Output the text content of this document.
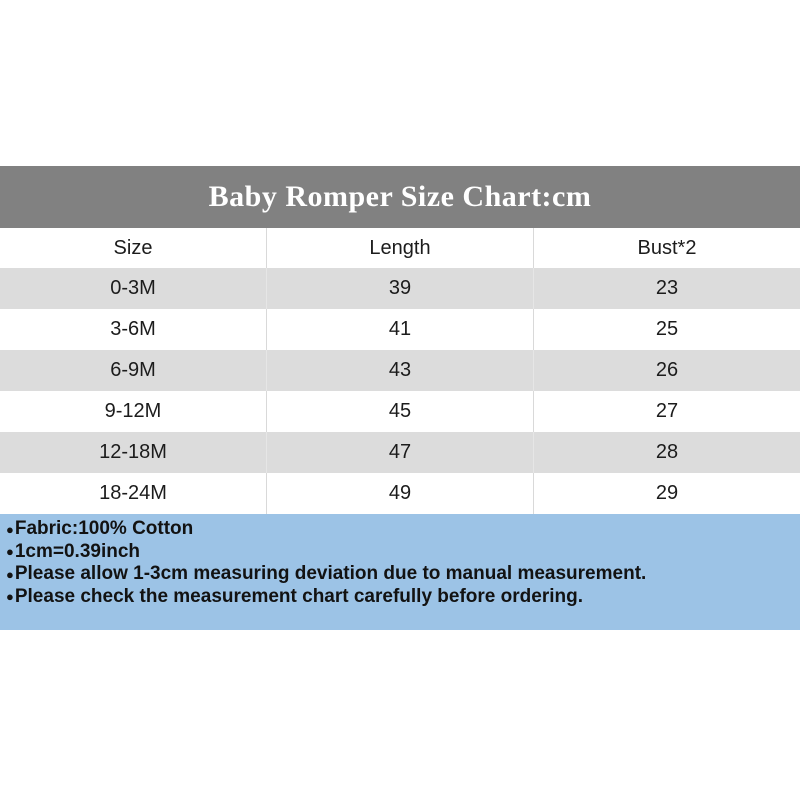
Baby Romper Size Chart:cm
Size	Length	Bust*2
0-3M	39	23
3-6M	41	25
6-9M	43	26
9-12M	45	27
12-18M	47	28
18-24M	49	29
● Fabric:100% Cotton
● 1cm=0.39inch
● Please allow 1-3cm measuring deviation due to manual measurement.
● Please check the measurement chart carefully before ordering.
